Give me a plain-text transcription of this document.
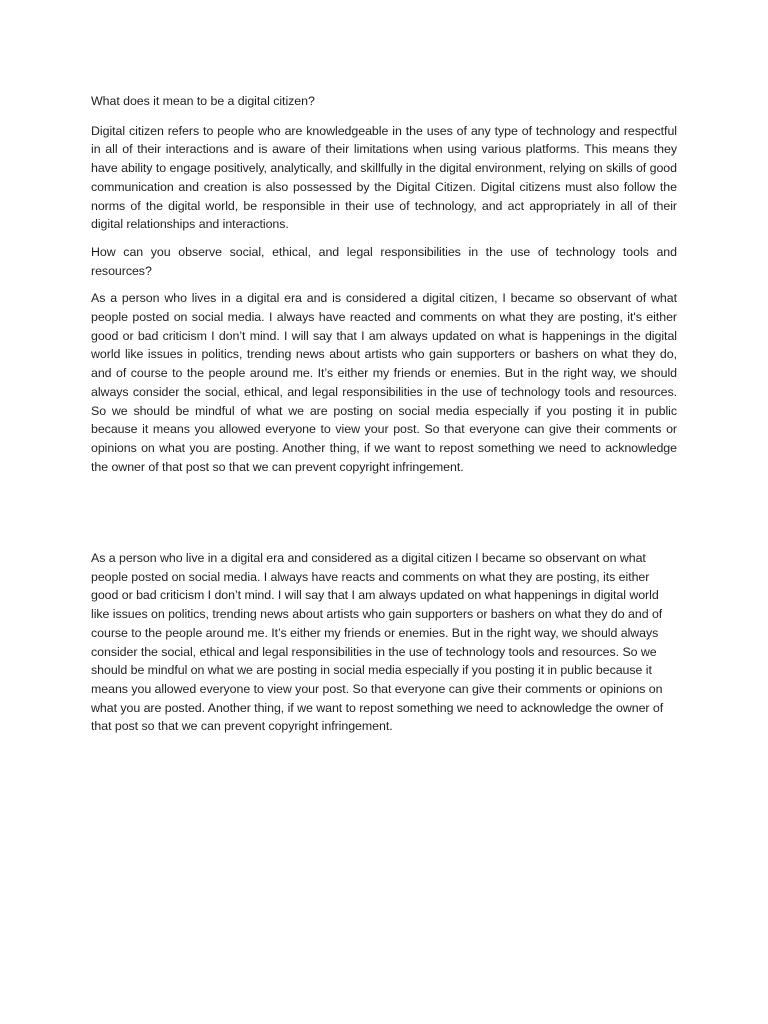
What does it mean to be a digital citizen?

Digital citizen refers to people who are knowledgeable in the uses of any type of technology and respectful in all of their interactions and is aware of their limitations when using various platforms. This means they have ability to engage positively, analytically, and skillfully in the digital environment, relying on skills of good communication and creation is also possessed by the Digital Citizen. Digital citizens must also follow the norms of the digital world, be responsible in their use of technology, and act appropriately in all of their digital relationships and interactions.

How can you observe social, ethical, and legal responsibilities in the use of technology tools and resources?

As a person who lives in a digital era and is considered a digital citizen, I became so observant of what people posted on social media. I always have reacted and comments on what they are posting, it's either good or bad criticism I don’t mind. I will say that I am always updated on what is happenings in the digital world like issues in politics, trending news about artists who gain supporters or bashers on what they do, and of course to the people around me. It’s either my friends or enemies. But in the right way, we should always consider the social, ethical, and legal responsibilities in the use of technology tools and resources. So we should be mindful of what we are posting on social media especially if you posting it in public because it means you allowed everyone to view your post. So that everyone can give their comments or opinions on what you are posting. Another thing, if we want to repost something we need to acknowledge the owner of that post so that we can prevent copyright infringement.

As a person who live in a digital era and considered as a digital citizen I became so observant on what people posted on social media. I always have reacts and comments on what they are posting, its either good or bad criticism I don’t mind. I will say that I am always updated on what happenings in digital world like issues on politics, trending news about artists who gain supporters or bashers on what they do and of course to the people around me. It’s either my friends or enemies. But in the right way, we should always consider the social, ethical and legal responsibilities in the use of technology tools and resources. So we should be mindful on what we are posting in social media especially if you posting it in public because it means you allowed everyone to view your post. So that everyone can give their comments or opinions on what you are posted. Another thing, if we want to repost something we need to acknowledge the owner of that post so that we can prevent copyright infringement.
